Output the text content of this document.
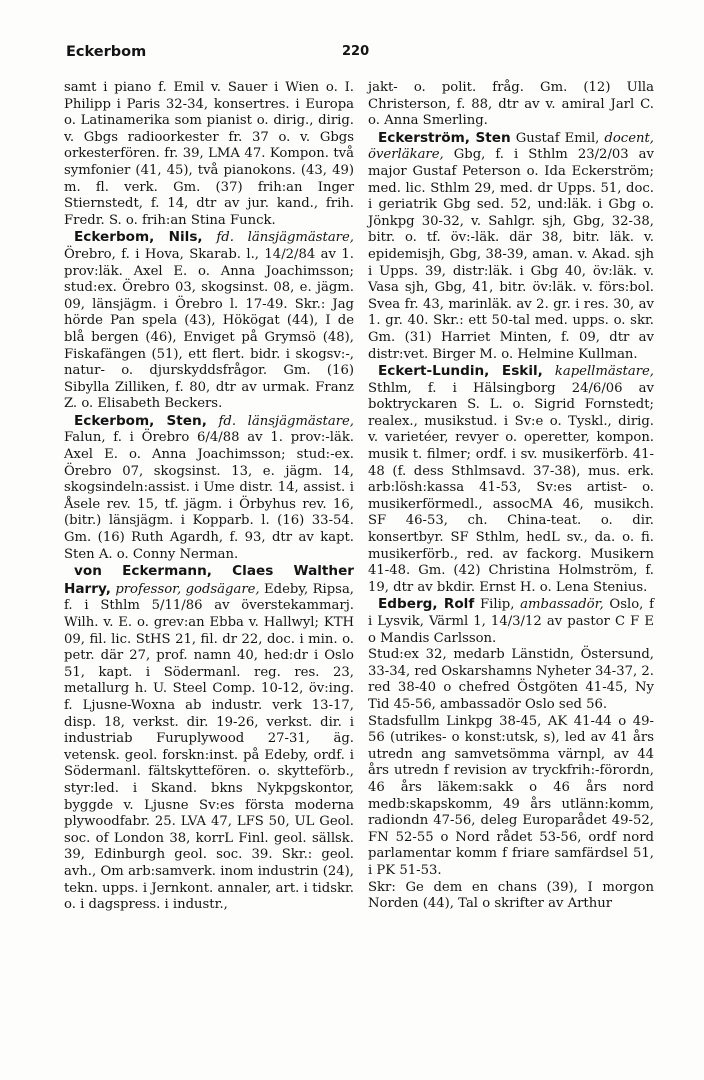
Eckerbom	220

samt i piano f. Emil v. Sauer i Wien o. I. Philipp i Paris 32-34, konsertres. i Europa o. Latinamerika som pianist o. dirig., dirig. v. Gbgs radioorkester fr. 37 o. v. Gbgs orkesterfören. fr. 39, LMA 47. Kompon. två symfonier (41, 45), två pianokons. (43, 49) m. fl. verk. Gm. (37) frih:an Inger Stiernstedt, f. 14, dtr av jur. kand., frih. Fredr. S. o. frih:an Stina Funck.

Eckerbom, Nils, fd. länsjägmästare, Örebro, f. i Hova, Skarab. l., 14/2/84 av 1. prov:läk. Axel E. o. Anna Joachimsson; stud:ex. Örebro 03, skogsinst. 08, e. jägm. 09, länsjägm. i Örebro l. 17-49. Skr.: Jag hörde Pan spela (43), Hökögat (44), I de blå bergen (46), Enviget på Grymsö (48), Fiskafängen (51), ett flert. bidr. i skogsv:-, natur- o. djurskyddsfrågor. Gm. (16) Sibylla Zilliken, f. 80, dtr av urmak. Franz Z. o. Elisabeth Beckers.

Eckerbom, Sten, fd. länsjägmästare, Falun, f. i Örebro 6/4/88 av 1. prov:-läk. Axel E. o. Anna Joachimsson; stud:-ex. Örebro 07, skogsinst. 13, e. jägm. 14, skogsindeln:assist. i Ume distr. 14, assist. i Åsele rev. 15, tf. jägm. i Örbyhus rev. 16, (bitr.) länsjägm. i Kopparb. l. (16) 33-54. Gm. (16) Ruth Agardh, f. 93, dtr av kapt. Sten A. o. Conny Nerman.

von Eckermann, Claes Walther Harry, professor, godsägare, Edeby, Ripsa, f. i Sthlm 5/11/86 av överstekammarj. Wilh. v. E. o. grev:an Ebba v. Hallwyl; KTH 09, fil. lic. StHS 21, fil. dr 22, doc. i min. o. petr. där 27, prof. namn 40, hed:dr i Oslo 51, kapt. i Södermanl. reg. res. 23, metallurg h. U. Steel Comp. 10-12, öv:ing. f. Ljusne-Woxna ab industr. verk 13-17, disp. 18, verkst. dir. 19-26, verkst. dir. i industriab Furuplywood 27-31, äg. vetensk. geol. forskn:inst. på Edeby, ordf. i Södermanl. fältskyttefören. o. skytteförb., styr:led. i Skand. bkns Nykpgskontor, byggde v. Ljusne Sv:es första moderna plywoodfabr. 25. LVA 47, LFS 50, UL Geol. soc. of London 38, korrL Finl. geol. sällsk. 39, Edinburgh geol. soc. 39. Skr.: geol. avh., Om arb:samverk. inom industrin (24), tekn. upps. i Jernkont. annaler, art. i tidskr. o. i dagspress. i industr.,

jakt- o. polit. fråg. Gm. (12) Ulla Christerson, f. 88, dtr av v. amiral Jarl C. o. Anna Smerling.

Eckerström, Sten Gustaf Emil, docent, överläkare, Gbg, f. i Sthlm 23/2/03 av major Gustaf Peterson o. Ida Eckerström; med. lic. Sthlm 29, med. dr Upps. 51, doc. i geriatrik Gbg sed. 52, und:läk. i Gbg o. Jönkpg 30-32, v. Sahlgr. sjh, Gbg, 32-38, bitr. o. tf. öv:-läk. där 38, bitr. läk. v. epidemisjh, Gbg, 38-39, aman. v. Akad. sjh i Upps. 39, distr:läk. i Gbg 40, öv:läk. v. Vasa sjh, Gbg, 41, bitr. öv:läk. v. förs:bol. Svea fr. 43, marinläk. av 2. gr. i res. 30, av 1. gr. 40. Skr.: ett 50-tal med. upps. o. skr. Gm. (31) Harriet Minten, f. 09, dtr av distr:vet. Birger M. o. Helmine Kullman.

Eckert-Lundin, Eskil, kapellmästare, Sthlm, f. i Hälsingborg 24/6/06 av boktryckaren S. L. o. Sigrid Fornstedt; realex., musikstud. i Sv:e o. Tyskl., dirig. v. varietéer, revyer o. operetter, kompon. musik t. filmer; ordf. i sv. musikerförb. 41-48 (f. dess Sthlmsavd. 37-38), mus. erk. arb:lösh:kassa 41-53, Sv:es artist- o. musikerförmedl., assocMA 46, musikch. SF 46-53, ch. China-teat. o. dir. konsertbyr. SF Sthlm, hedL sv., da. o. fi. musikerförb., red. av fackorg. Musikern 41-48. Gm. (42) Christina Holmström, f. 19, dtr av bkdir. Ernst H. o. Lena Stenius.

Edberg, Rolf Filip, ambassadör, Oslo, f i Lysvik, Värml 1, 14/3/12 av pastor C F E o Mandis Carlsson.

Stud:ex 32, medarb Länstidn, Östersund, 33-34, red Oskarshamns Nyheter 34-37, 2. red 38-40 o chefred Östgöten 41-45, Ny Tid 45-56, ambassadör Oslo sed 56.

Stadsfullm Linkpg 38-45, AK 41-44 o 49-56 (utrikes- o konst:utsk, s), led av 41 års utredn ang samvetsömma värnpl, av 44 års utredn f revision av tryckfrih:-förordn, 46 års läkem:sakk o 46 års nord medb:skapskomm, 49 års utlänn:komm, radiondn 47-56, deleg Europarådet 49-52, FN 52-55 o Nord rådet 53-56, ordf nord parlamentar komm f friare samfärdsel 51, i PK 51-53.

Skr: Ge dem en chans (39), I morgon Norden (44), Tal o skrifter av Arthur
